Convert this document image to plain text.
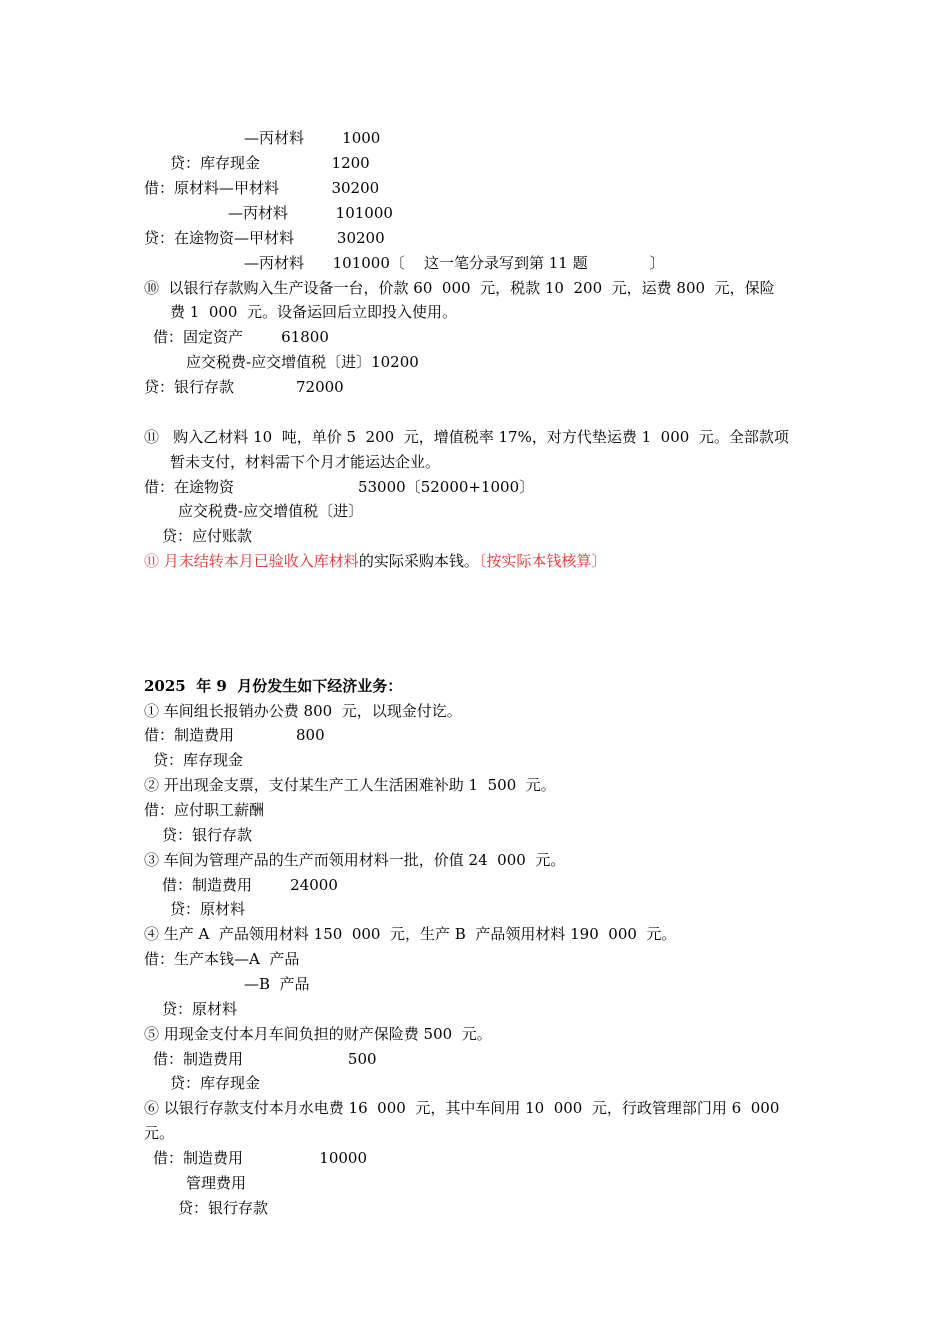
—丙材料        1000
贷：库存现金               1200
借：原材料—甲材料           30200
—丙材料          101000
贷：在途物资—甲材料         30200
—丙材料      101000〔    这一笔分录写到第 11 题             〕
⑩  以银行存款购入生产设备一台，价款 60  000  元，税款 10  200  元，运费 800  元，保险
费 1  000  元。设备运回后立即投入使用。
借：固定资产        61800
应交税费-应交增值税〔进〕10200
贷：银行存款             72000
⑪   购入乙材料 10  吨，单价 5  200  元，增值税率 17%，对方代垫运费 1  000  元。全部款项
暂未支付，材料需下个月才能运达企业。
借：在途物资                          53000〔52000+1000〕
应交税费-应交增值税〔进〕
贷：应付账款
⑪ 月末结转本月已验收入库材料的实际采购本钱。〔按实际本钱核算〕
2025  年 9  月份发生如下经济业务：
① 车间组长报销办公费 800  元，以现金付讫。
借：制造费用             800
贷：库存现金
② 开出现金支票，支付某生产工人生活困难补助 1  500  元。
借：应付职工薪酬
贷：银行存款
③ 车间为管理产品的生产而领用材料一批，价值 24  000  元。
借：制造费用        24000
贷：原材料
④ 生产 A  产品领用材料 150  000  元，生产 B  产品领用材料 190  000  元。
借：生产本钱—A  产品
—B  产品
贷：原材料
⑤ 用现金支付本月车间负担的财产保险费 500  元。
借：制造费用                      500
贷：库存现金
⑥ 以银行存款支付本月水电费 16  000  元，其中车间用 10  000  元，行政管理部门用 6  000
元。
借：制造费用                10000
管理费用
贷：银行存款
